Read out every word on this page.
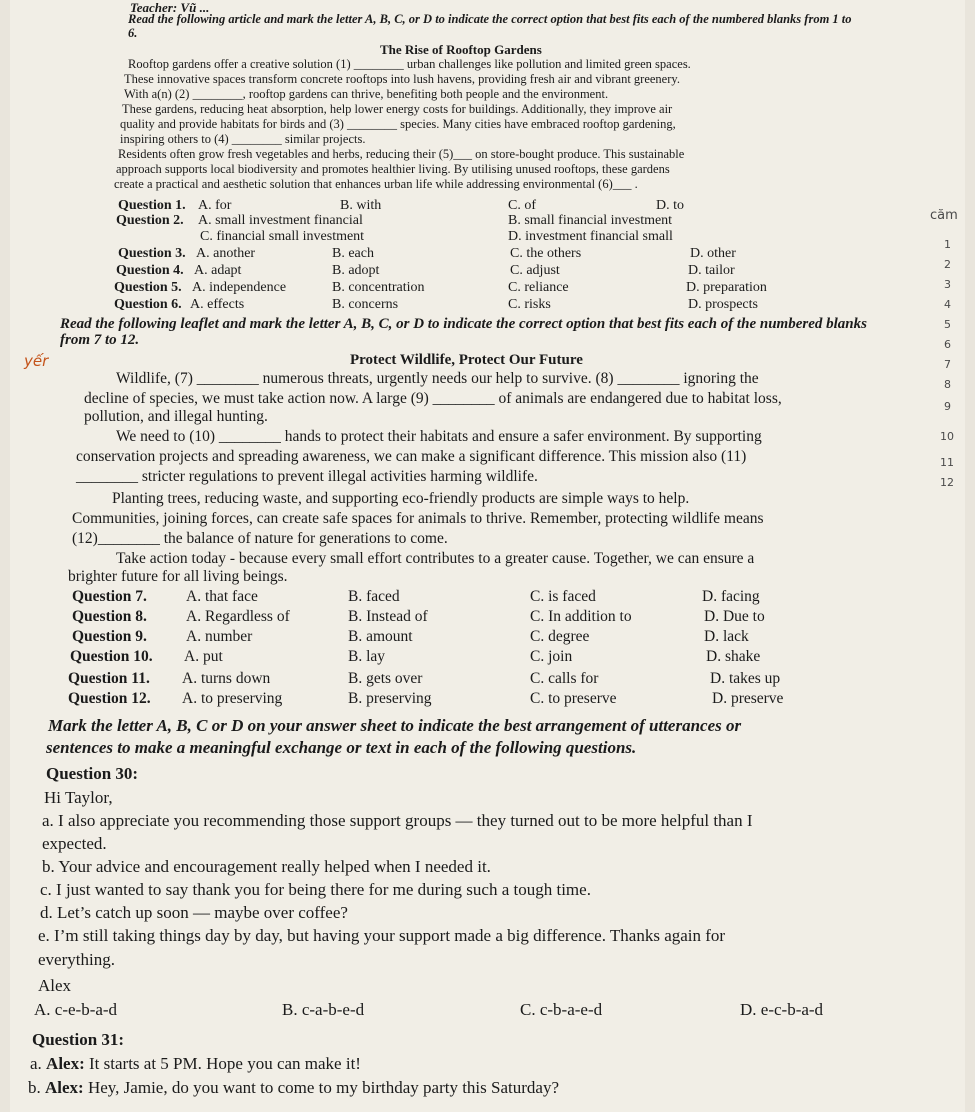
Teacher: Vũ ...
Read the following article and mark the letter A, B, C, or D to indicate the correct option that best fits each of the numbered blanks from 1 to 6.
The Rise of Rooftop Gardens
Rooftop gardens offer a creative solution (1) ________ urban challenges like pollution and limited green spaces.
These innovative spaces transform concrete rooftops into lush havens, providing fresh air and vibrant greenery.
With a(n) (2) ________, rooftop gardens can thrive, benefiting both people and the environment.
These gardens, reducing heat absorption, help lower energy costs for buildings. Additionally, they improve air
quality and provide habitats for birds and (3) ________ species. Many cities have embraced rooftop gardening,
inspiring others to (4) ________ similar projects.
Residents often grow fresh vegetables and herbs, reducing their (5)___ on store-bought produce. This sustainable
approach supports local biodiversity and promotes healthier living. By utilising unused rooftops, these gardens
create a practical and aesthetic solution that enhances urban life while addressing environmental (6)___ .
Question 1. A. for	B. with	C. of	D. to
Question 2. A. small investment financial	B. small financial investment
C. financial small investment	D. investment financial small
Question 3. A. another	B. each	C. the others	D. other
Question 4. A. adapt	B. adopt	C. adjust	D. tailor
Question 5. A. independence	B. concentration	C. reliance	D. preparation
Question 6. A. effects	B. concerns	C. risks	D. prospects
Read the following leaflet and mark the letter A, B, C, or D to indicate the correct option that best fits each of the numbered blanks from 7 to 12.
Protect Wildlife, Protect Our Future
Wildlife, (7) ________ numerous threats, urgently needs our help to survive. (8) ________ ignoring the
decline of species, we must take action now. A large (9) ________ of animals are endangered due to habitat loss,
pollution, and illegal hunting.
We need to (10) ________ hands to protect their habitats and ensure a safer environment. By supporting
conservation projects and spreading awareness, we can make a significant difference. This mission also (11)
________ stricter regulations to prevent illegal activities harming wildlife.
Planting trees, reducing waste, and supporting eco-friendly products are simple ways to help.
Communities, joining forces, can create safe spaces for animals to thrive. Remember, protecting wildlife means
(12)________ the balance of nature for generations to come.
Take action today - because every small effort contributes to a greater cause. Together, we can ensure a
brighter future for all living beings.
Question 7.	A. that face	B. faced	C. is faced	D. facing
Question 8.	A. Regardless of	B. Instead of	C. In addition to	D. Due to
Question 9.	A. number	B. amount	C. degree	D. lack
Question 10. A. put	B. lay	C. join	D. shake
Question 11. A. turns down	B. gets over	C. calls for	D. takes up
Question 12. A. to preserving	B. preserving	C. to preserve	D. preserve
Mark the letter A, B, C or D on your answer sheet to indicate the best arrangement of utterances or
sentences to make a meaningful exchange or text in each of the following questions.
Question 30:
Hi Taylor,
a. I also appreciate you recommending those support groups — they turned out to be more helpful than I
expected.
b. Your advice and encouragement really helped when I needed it.
c. I just wanted to say thank you for being there for me during such a tough time.
d. Let’s catch up soon — maybe over coffee?
e. I’m still taking things day by day, but having your support made a big difference. Thanks again for
everything.
Alex
A. c-e-b-a-d	B. c-a-b-e-d	C. c-b-a-e-d	D. e-c-b-a-d
Question 31:
a. Alex: It starts at 5 PM. Hope you can make it!
b. Alex: Hey, Jamie, do you want to come to my birthday party this Saturday?
căm
1
2
3
4
5
6
7
8
9
10
11
12
yếr
